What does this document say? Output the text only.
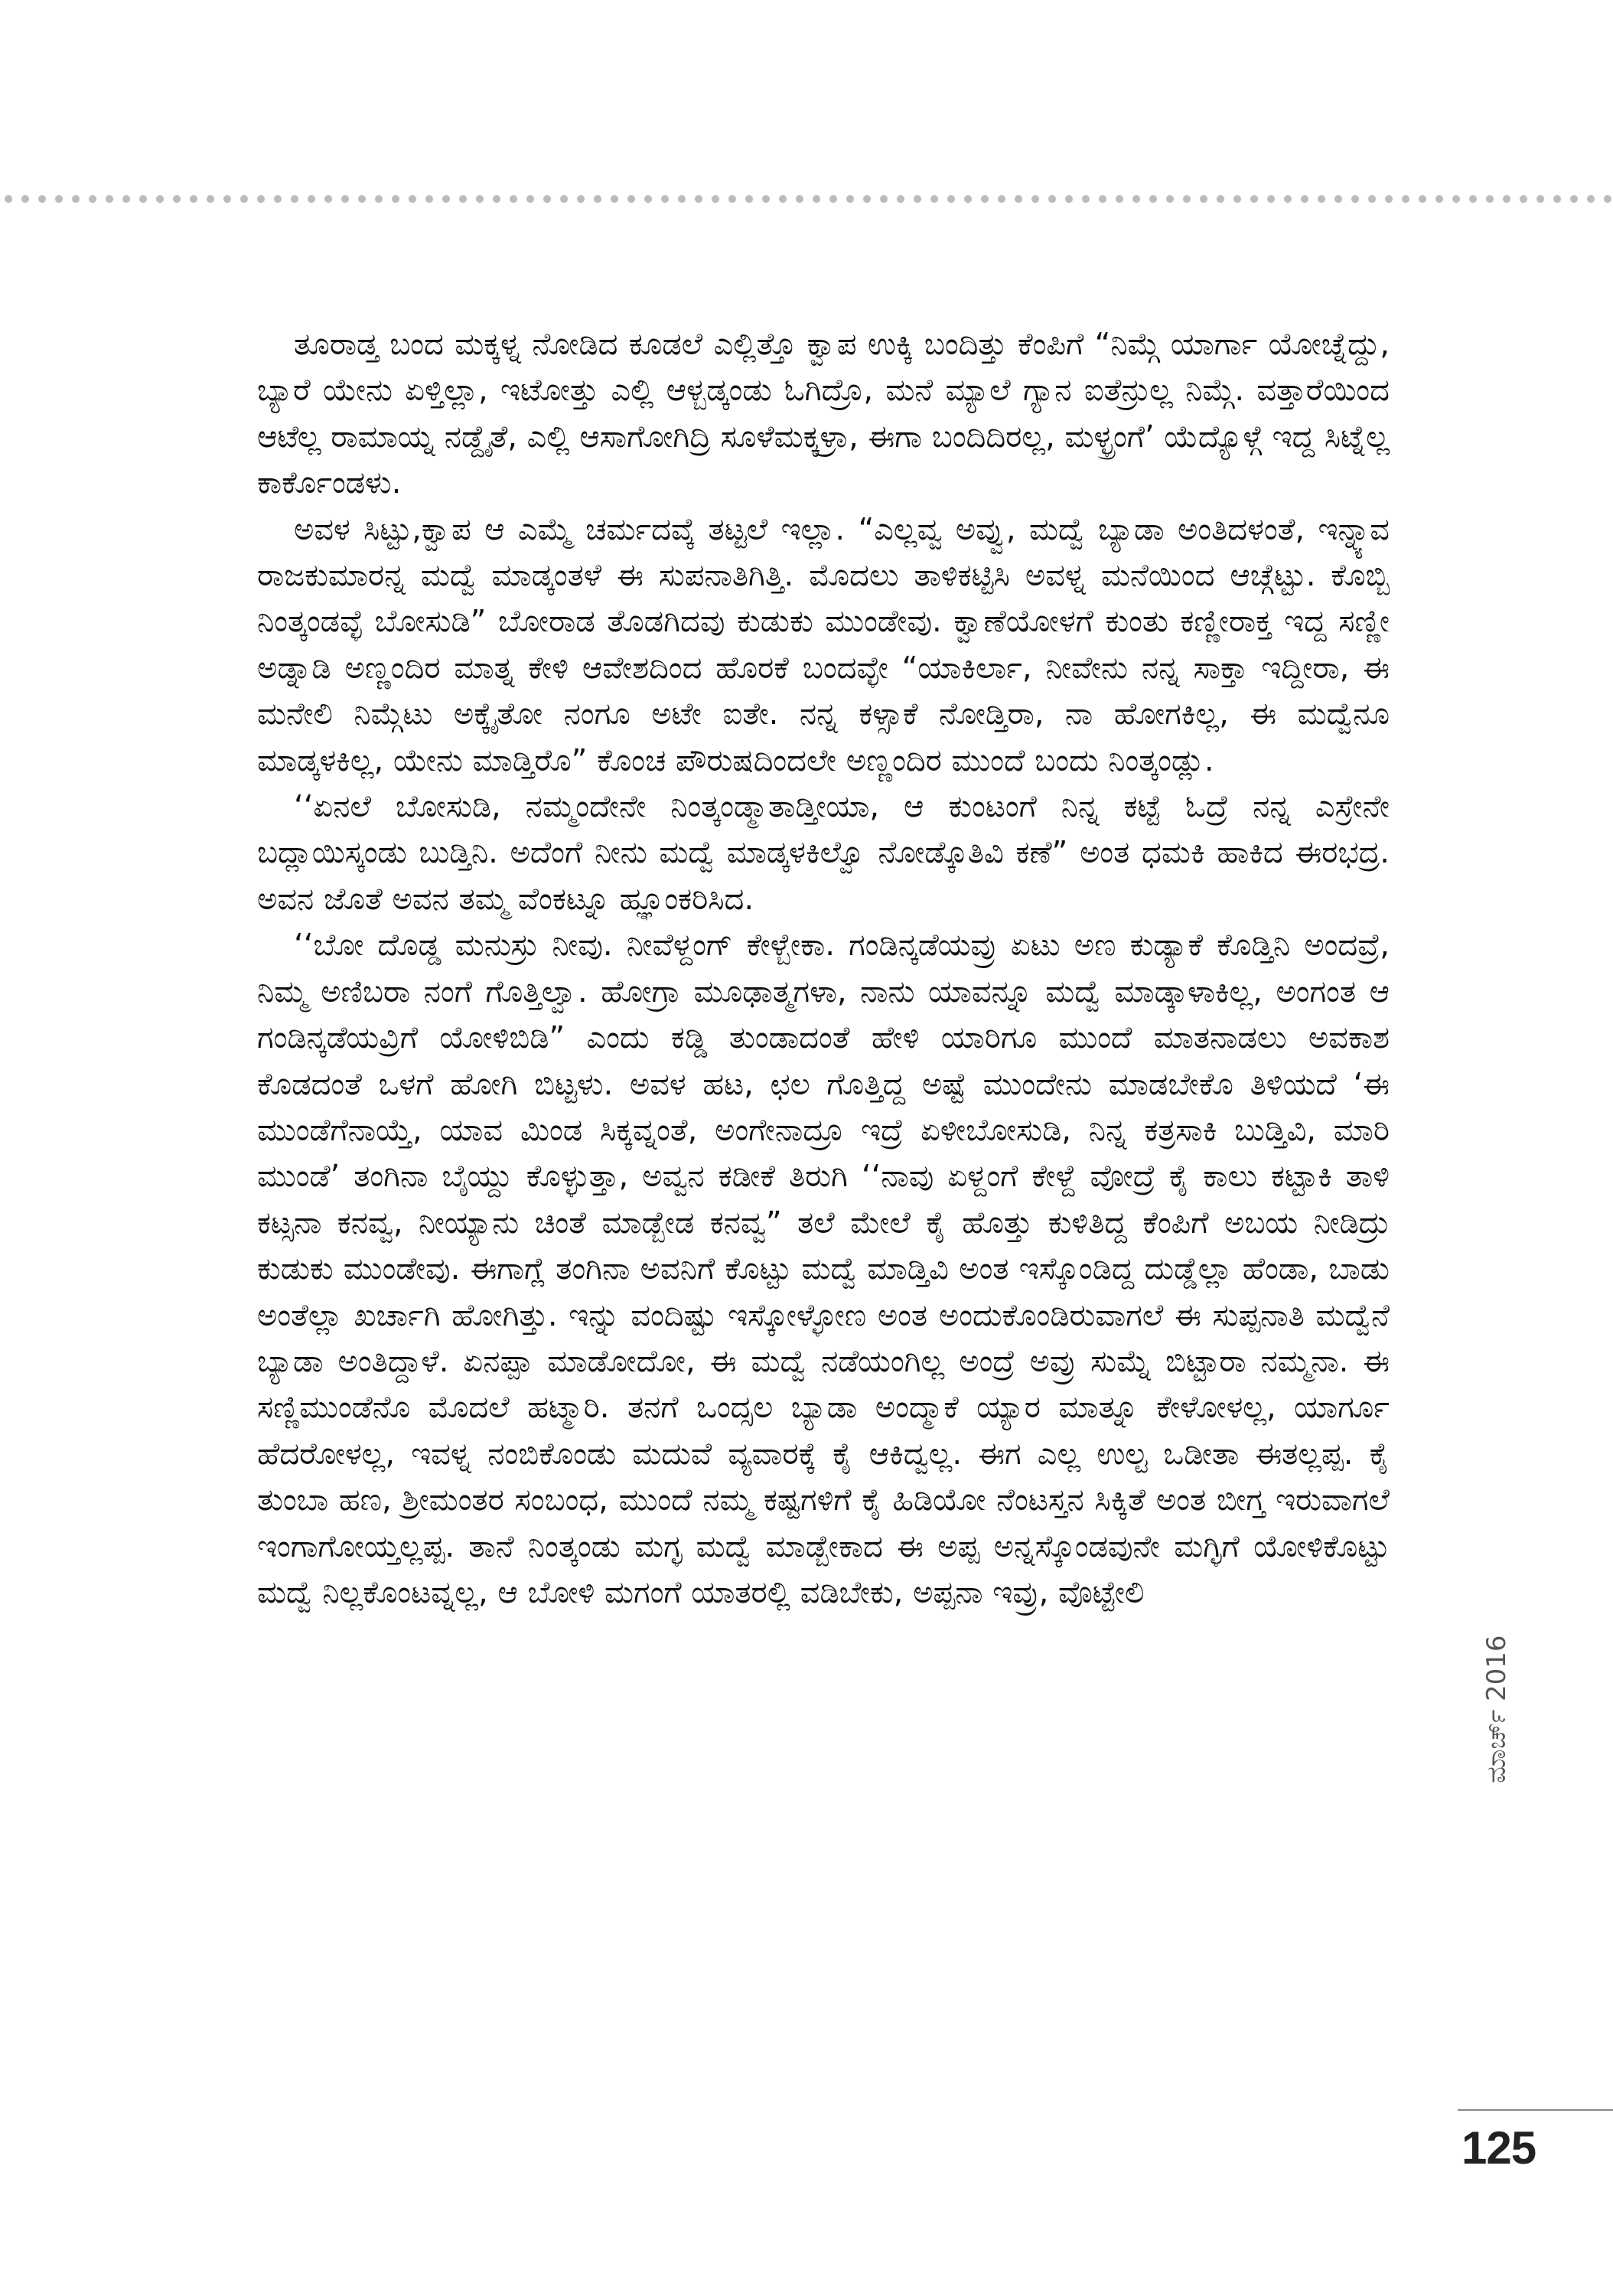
ತೂರಾಡ್ತ ಬಂದ ಮಕ್ಕಳ್ನ ನೋಡಿದ ಕೂಡಲೆ ಎಲ್ಲಿತ್ತೊ ಕ್ವಾಪ ಉಕ್ಕಿ ಬಂದಿತ್ತು ಕೆಂಪಿಗೆ “ನಿಮ್ಗೆ ಯಾರ್ಗಾ ಯೋಚ್ನೆದ್ದು, ಬ್ಯಾರೆ ಯೇನು ಏಳ್ತಿಲ್ಲಾ, ಇಟೋತ್ತು ಎಲ್ಲಿ ಆಳ್ಬಡ್ಕಂಡು ಓಗಿದ್ರೊ, ಮನೆ ಮ್ಯಾಲೆ ಗ್ಯಾನ ಐತೆನ್ರುಲ್ಲ ನಿಮ್ಗೆ. ವತ್ತಾರೆಯಿಂದ ಆಟೆಲ್ಲ ರಾಮಾಯ್ನ ನಡ್ದೈತೆ, ಎಲ್ಲಿ ಆಸಾಗೋಗಿದ್ರಿ ಸೂಳೆಮಕ್ಕಳ್ರಾ, ಈಗಾ ಬಂದಿದಿರಲ್ಲ, ಮಳ್ಳ್ರಂಗೆ’ ಯೆದ್ಯೊಳ್ಗೆ ಇದ್ದ ಸಿಟ್ನೆಲ್ಲ ಕಾರ್ಕೊಂಡಳು.

ಅವಳ ಸಿಟ್ಟು,ಕ್ವಾಪ ಆ ಎಮ್ಮೆ ಚರ್ಮದವ್ಕೆ ತಟ್ಟಲೆ ಇಲ್ಲಾ. “ಎಲ್ಲವ್ವ ಅವ್ವು, ಮದ್ವೆ ಬ್ಯಾಡಾ ಅಂತಿದಳಂತೆ, ಇನ್ನ್ಯಾವ ರಾಜಕುಮಾರನ್ನ ಮದ್ವೆ ಮಾಡ್ಕಂತಳೆ ಈ ಸುಪನಾತಿಗಿತ್ತಿ. ಮೊದಲು ತಾಳಿಕಟ್ಟಿಸಿ ಅವಳ್ನ ಮನೆಯಿಂದ ಆಚ್ಗೆಟ್ಟು. ಕೊಬ್ಬಿ ನಿಂತ್ಕಂಡವ್ಳೆ ಬೋಸುಡಿ” ಬೋರಾಡ ತೊಡಗಿದವು ಕುಡುಕು ಮುಂಡೇವು. ಕ್ವಾಣೆಯೋಳಗೆ ಕುಂತು ಕಣ್ಣೀರಾಕ್ತ ಇದ್ದ ಸಣ್ಣೀ ಅಡ್ನಾಡಿ ಅಣ್ಣಂದಿರ ಮಾತ್ನ ಕೇಳಿ ಆವೇಶದಿಂದ ಹೊರಕೆ ಬಂದವ್ಳೇ “ಯಾಕಿರ್ಲಾ, ನೀವೇನು ನನ್ನ ಸಾಕ್ತಾ ಇದ್ದೀರಾ, ಈ ಮನೇಲಿ ನಿಮ್ಗೆಟು ಅಕ್ಕೈತೋ ನಂಗೂ ಅಟೇ ಐತೇ. ನನ್ನ ಕಳ್ಸಾಕೆ ನೋಡ್ತಿರಾ, ನಾ ಹೋಗಕಿಲ್ಲ, ಈ ಮದ್ವೆನೂ ಮಾಡ್ಕಳಕಿಲ್ಲ, ಯೇನು ಮಾಡ್ತಿರೊ” ಕೊಂಚ ಪೌರುಷದಿಂದಲೇ ಅಣ್ಣಂದಿರ ಮುಂದೆ ಬಂದು ನಿಂತ್ಕಂಡ್ಲು.

‘‘ಏನಲೆ ಬೋಸುಡಿ, ನಮ್ಮಂದೇನೇ ನಿಂತ್ಕಂಡ್ಮಾತಾಡ್ತೀಯಾ, ಆ ಕುಂಟಂಗೆ ನಿನ್ನ ಕಟ್ಟೆ ಓದ್ರೆ ನನ್ನ ಎಸ್ರೇನೇ ಬದ್ಲಾಯಿಸ್ಕಂಡು ಬುಡ್ತಿನಿ. ಅದೆಂಗೆ ನೀನು ಮದ್ವೆ ಮಾಡ್ಕಳಕಿಲ್ವೊ ನೋಡ್ಕೊತಿವಿ ಕಣೆ” ಅಂತ ಧಮಕಿ ಹಾಕಿದ ಈರಭದ್ರ. ಅವನ ಜೊತೆ ಅವನ ತಮ್ಮ ವೆಂಕಟ್ನೂ ಹ್ಞೂಂಕರಿಸಿದ.

‘‘ಬೋ ದೊಡ್ಡ ಮನುಸ್ರು ನೀವು. ನೀವೆಳ್ದಂಗ್ ಕೇಳ್ಬೇಕಾ. ಗಂಡಿನ್ಕಡೆಯವ್ರು ಏಟು ಅಣ ಕುಡ್ಯಾಕೆ ಕೊಡ್ತಿನಿ ಅಂದವ್ರೆ, ನಿಮ್ಮ ಅಣಿಬರಾ ನಂಗೆ ಗೊತ್ತಿಲ್ವಾ. ಹೋಗ್ರಾ ಮೂಢಾತ್ಮಗಳಾ, ನಾನು ಯಾವನ್ನೂ ಮದ್ವೆ ಮಾಡ್ಕಾಳಾಕಿಲ್ಲ, ಅಂಗಂತ ಆ ಗಂಡಿನ್ಕಡೆಯವ್ರಿಗೆ ಯೋಳಿಬಿಡಿ” ಎಂದು ಕಡ್ಡಿ ತುಂಡಾದಂತೆ ಹೇಳಿ ಯಾರಿಗೂ ಮುಂದೆ ಮಾತನಾಡಲು ಅವಕಾಶ ಕೊಡದಂತೆ ಒಳಗೆ ಹೋಗಿ ಬಿಟ್ಟಳು. ಅವಳ ಹಟ, ಛಲ ಗೊತ್ತಿದ್ದ ಅಷ್ಟೆ ಮುಂದೇನು ಮಾಡಬೇಕೊ ತಿಳಿಯದೆ ‘ಈ ಮುಂಡೆಗೆನಾಯ್ತೆ, ಯಾವ ಮಿಂಡ ಸಿಕ್ಕವ್ನಂತೆ, ಅಂಗೇನಾದ್ರೂ ಇದ್ರೆ ಏಳೀಬೋಸುಡಿ, ನಿನ್ನ ಕತ್ರಸಾಕಿ ಬುಡ್ತಿವಿ, ಮಾರಿ ಮುಂಡೆ’ ತಂಗಿನಾ ಬೈಯ್ದು ಕೊಳ್ಳುತ್ತಾ, ಅವ್ವನ ಕಡೀಕೆ ತಿರುಗಿ ‘‘ನಾವು ಏಳ್ದಂಗೆ ಕೇಳ್ದೆ ವೋದ್ರೆ ಕೈ ಕಾಲು ಕಟ್ಟಾಕಿ ತಾಳಿ ಕಟ್ಸನಾ ಕನವ್ವ, ನೀಯ್ಯಾನು ಚಿಂತೆ ಮಾಡ್ಬೇಡ ಕನವ್ವ” ತಲೆ ಮೇಲೆ ಕೈ ಹೊತ್ತು ಕುಳಿತಿದ್ದ ಕೆಂಪಿಗೆ ಅಬಯ ನೀಡಿದ್ರು ಕುಡುಕು ಮುಂಡೇವು. ಈಗಾಗ್ಲೆ ತಂಗಿನಾ ಅವನಿಗೆ ಕೊಟ್ಟು ಮದ್ವೆ ಮಾಡ್ತಿವಿ ಅಂತ ಇಸ್ಕೊಂಡಿದ್ದ ದುಡ್ಡೆಲ್ಲಾ ಹೆಂಡಾ, ಬಾಡು ಅಂತೆಲ್ಲಾ ಖರ್ಚಾಗಿ ಹೋಗಿತ್ತು. ಇನ್ನು ವಂದಿಷ್ಟು ಇಸ್ಕೋಳ್ಳೋಣ ಅಂತ ಅಂದುಕೊಂಡಿರುವಾಗಲೆ ಈ ಸುಪ್ಪನಾತಿ ಮದ್ವೆನೆ ಬ್ಯಾಡಾ ಅಂತಿದ್ದಾಳೆ. ಏನಪ್ಪಾ ಮಾಡೋದೋ, ಈ ಮದ್ವೆ ನಡೆಯಂಗಿಲ್ಲ ಅಂದ್ರೆ ಅವ್ರು ಸುಮ್ನೆ ಬಿಟ್ಟಾರಾ ನಮ್ಮನಾ. ಈ ಸಣ್ಣಿಮುಂಡೆನೊ ಮೊದಲೆ ಹಟ್ಮಾರಿ. ತನಗೆ ಒಂದ್ಸಲ ಬ್ಯಾಡಾ ಅಂದ್ಮಾಕೆ ಯ್ಯಾರ ಮಾತ್ನೂ ಕೇಳೋಳಲ್ಲ, ಯಾರ್ಗೂ ಹೆದರೋಳಲ್ಲ, ಇವಳ್ನ ನಂಬಿಕೊಂಡು ಮದುವೆ ವ್ಯವಾರಕ್ಕೆ ಕೈ ಆಕಿದ್ವಲ್ಲ. ಈಗ ಎಲ್ಲ ಉಲ್ಟ ಒಡೀತಾ ಈತಲ್ಲಪ್ಪ. ಕೈ ತುಂಬಾ ಹಣ, ಶ್ರೀಮಂತರ ಸಂಬಂಧ, ಮುಂದೆ ನಮ್ಮ ಕಷ್ಟಗಳಿಗೆ ಕೈ ಹಿಡಿಯೋ ನೆಂಟಸ್ತನ ಸಿಕ್ಕಿತೆ ಅಂತ ಬೀಗ್ತ ಇರುವಾಗಲೆ ಇಂಗಾಗೋಯ್ತಲ್ಲಪ್ಪ. ತಾನೆ ನಿಂತ್ಕಂಡು ಮಗ್ಳ ಮದ್ವೆ ಮಾಡ್ಬೇಕಾದ ಈ ಅಪ್ಪ ಅನ್ನಸ್ಕೊಂಡವುನೇ ಮಗ್ಳಿಗೆ ಯೋಳಿಕೊಟ್ಟು ಮದ್ವೆ ನಿಲ್ಲಕೊಂಟವ್ನಲ್ಲ, ಆ ಬೋಳಿ ಮಗಂಗೆ ಯಾತರಲ್ಲಿ ವಡಿಬೇಕು, ಅಪ್ಪನಾ ಇವ್ರು, ವೊಟ್ಟೇಲಿ

ಮಾರ್ಚ್ 2016
125
